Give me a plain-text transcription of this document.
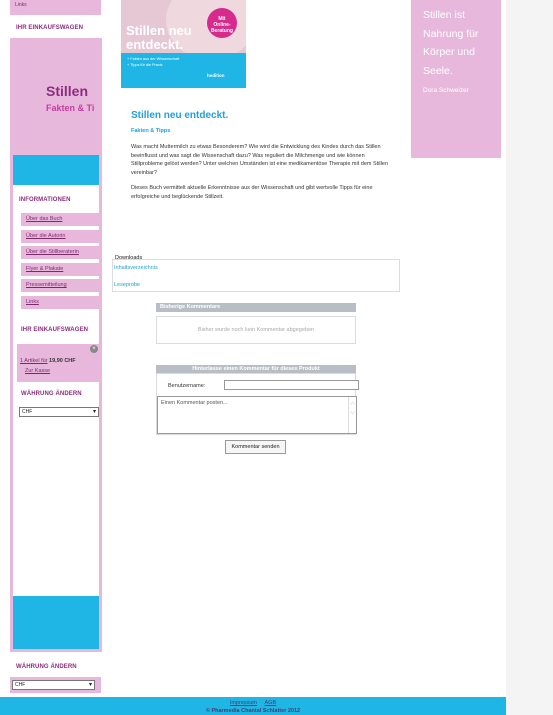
Links
IHR EINKAUFSWAGEN
Stillen
Fakten & Ti
INFORMATIONEN
Über das Buch
Über die Autorin
Über die Stillberaterin
Flyer & Plakate
Pressemitteilung
Links
IHR EINKAUFSWAGEN
×
1 Artikel für 19,90 CHF
Zur Kasse
WÄHRUNG ÄNDERN
CHF	▾
WÄHRUNG ÄNDERN
CHF	▾
Mit
Online-
Beratung
Stillen neu
entdeckt.
+ Fakten aus der Wissenschaft
+ Tipps für die Praxis
hedition
Stillen neu entdeckt.
Fakten & Tipps
Was macht Muttermilch zu etwas Besonderem? Wie wird die Entwicklung des Kindes durch das Stillen beeinflusst und was sagt die Wissenschaft dazu? Was reguliert die Milchmenge und wie können Stillprobleme gelöst werden? Unter welchen Umständen ist eine medikamentöse Therapie mit dem Stillen vereinbar?
Dieses Buch vermittelt aktuelle Erkenntnisse aus der Wissenschaft und gibt wertvolle Tipps für eine erfolgreiche und beglückende Stillzeit.
Downloads
Inhaltsverzeichnis
Leseprobe
Bisherige Kommentare
Bisher wurde noch kein Kommentar abgegeben
Hinterlasse einen Kommentar für dieses Produkt
Benutzername:
Einen Kommentar posten...	︿
﹀
Kommentar senden
Stillen ist Nahrung für Körper und Seele.
Dora Schweizer
Impressum AGB
© Pharmedia Chantal Schlatter 2012
